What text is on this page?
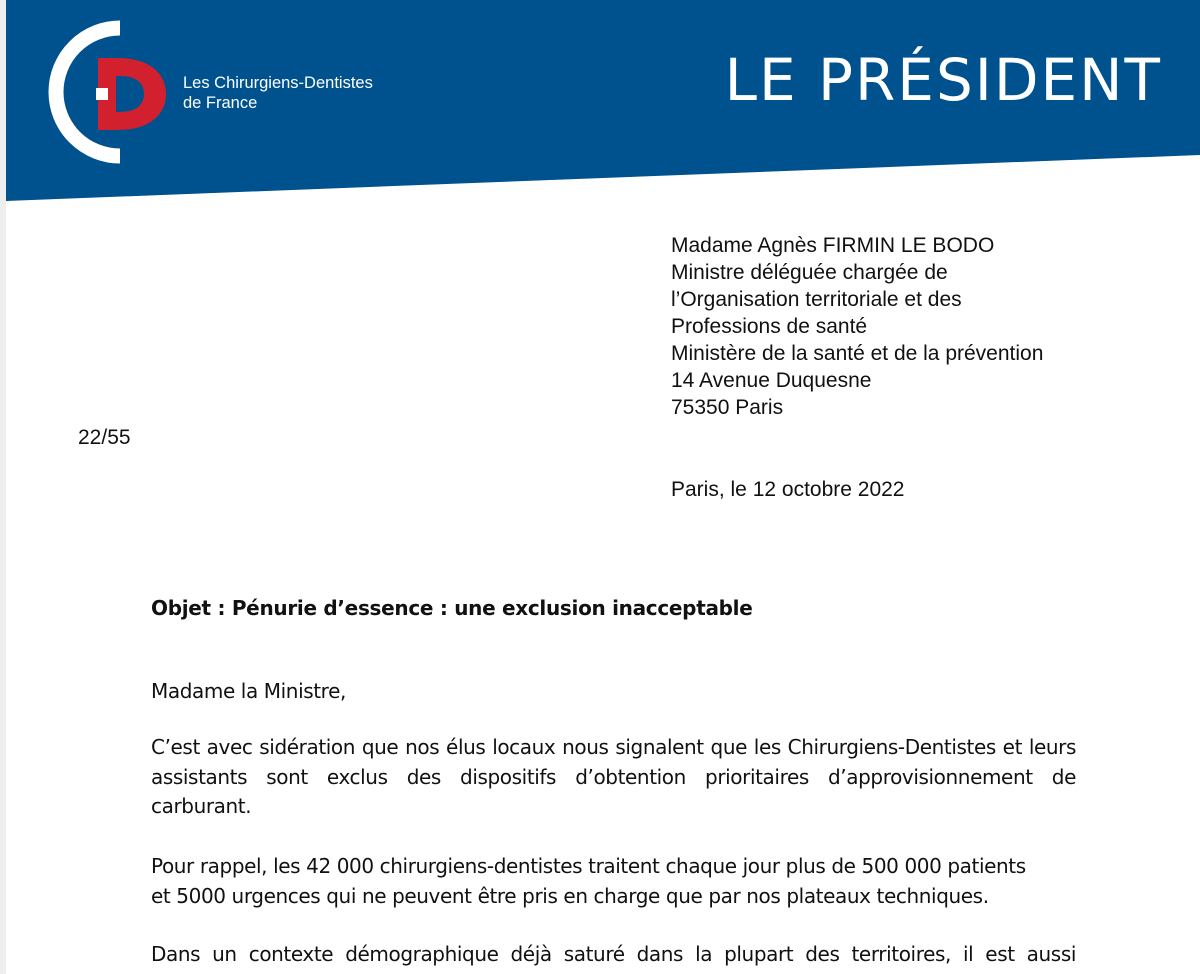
Les Chirurgiens-Dentistes
de France	LE PRÉSIDENT
Madame Agnès FIRMIN LE BODO
Ministre déléguée chargée de
l’Organisation territoriale et des
Professions de santé
Ministère de la santé et de la prévention
14 Avenue Duquesne
75350 Paris
22/55
Paris, le 12 octobre 2022
Objet : Pénurie d’essence : une exclusion inacceptable
Madame la Ministre,
C’est avec sidération que nos élus locaux nous signalent que les Chirurgiens-Dentistes et leurs assistants sont exclus des dispositifs d’obtention prioritaires d’approvisionnement de carburant.
Pour rappel, les 42 000 chirurgiens-dentistes traitent chaque jour plus de 500 000 patients
et 5000 urgences qui ne peuvent être pris en charge que par nos plateaux techniques.
Dans un contexte démographique déjà saturé dans la plupart des territoires, il est aussi
